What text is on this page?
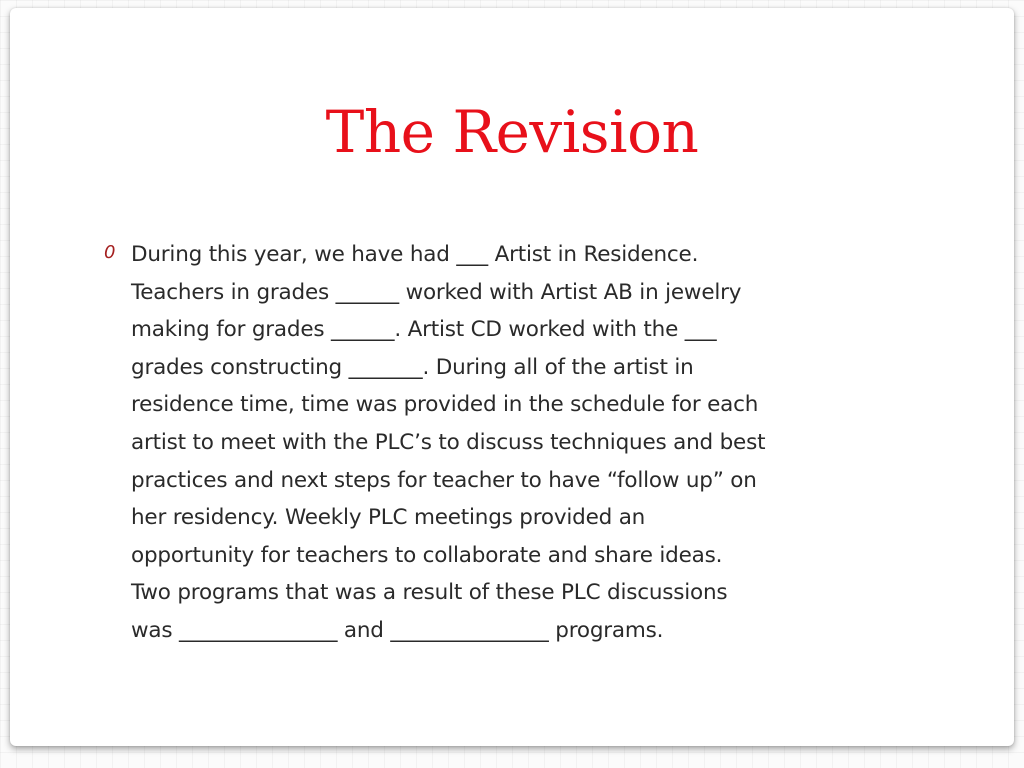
The Revision
0 During this year, we have had ___ Artist in Residence.
Teachers in grades ______ worked with Artist AB in jewelry
making for grades ______. Artist CD worked with the ___
grades constructing _______. During all of the artist in
residence time, time was provided in the schedule for each
artist to meet with the PLC’s to discuss techniques and best
practices and next steps for teacher to have “follow up” on
her residency. Weekly PLC meetings provided an
opportunity for teachers to collaborate and share ideas.
Two programs that was a result of these PLC discussions
was _______________ and _______________ programs.
